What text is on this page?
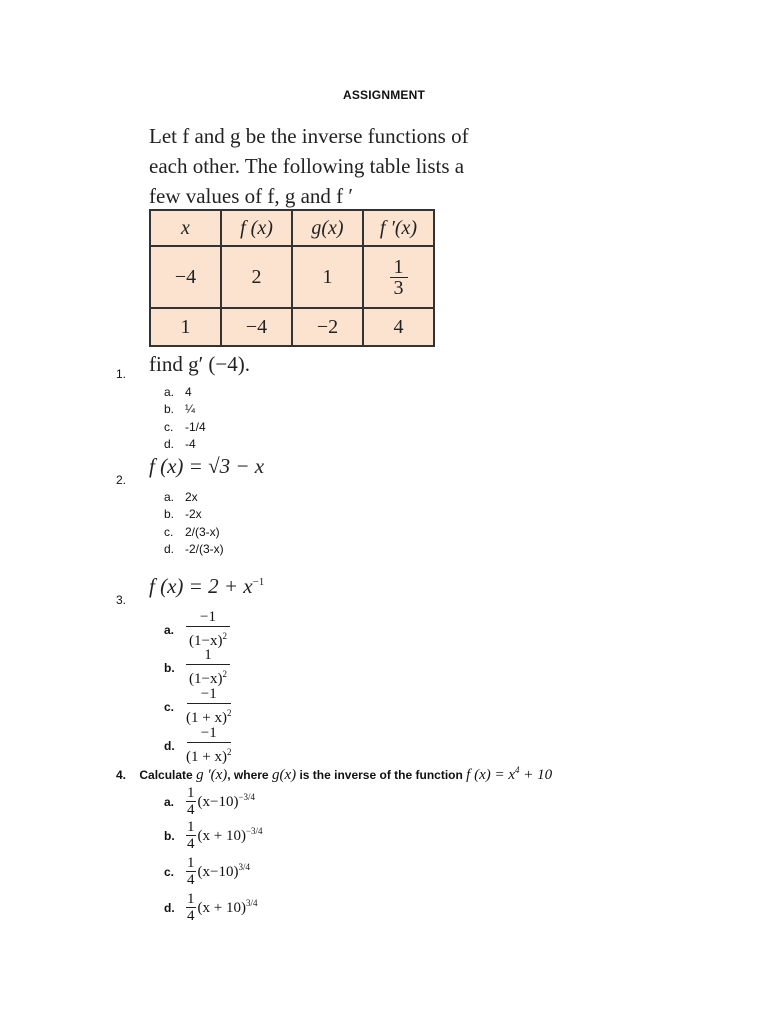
ASSIGNMENT
Let f and g be the inverse functions of
each other. The following table lists a
few values of f, g and f ′
x	f (x)	g(x)	f ′(x)
−4	2	1	$\frac{1}{3}$

1	−4	−2	4
1. find g′ (−4).
a. 4
b. ¼
c. -1/4
d. -4
2.
f (x) = √3 − x
a. 2x
b. -2x
c. 2/(3-x)
d. -2/(3-x)
3.
f $(x) = 2 + x^{-1}$
a.
−1
$(1-x)^2$
b.
1
$(1-x)^2$
c.
−1
$(1 + x)^2$
d.
−1
$(1 + x)^2$
4. Calculate g ′(x), where g(x) is the inverse of the function f $(x) = x^4 + 10$
a.
1
4 $(x-10)^{-3/4}$
b.
1
4 $(x + 10)^{-3/4}$
c.
1
4 $(x-10)^{3/4}$
d.
1
4 $(x + 10)^{3/4}$
